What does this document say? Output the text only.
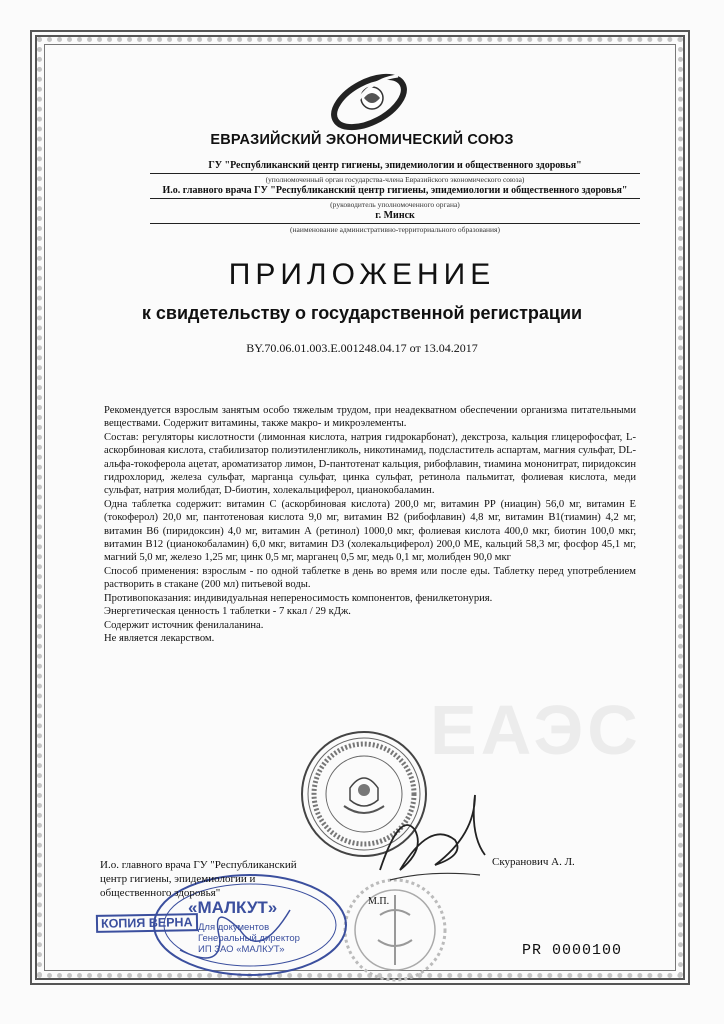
ЕАЭС
ЕВРАЗИЙСКИЙ ЭКОНОМИЧЕСКИЙ СОЮЗ
ГУ "Республиканский центр гигиены, эпидемиологии и общественного здоровья"
(уполномоченный орган государства-члена Евразийского экономического союза)
И.о. главного врача ГУ "Республиканский центр гигиены, эпидемиологии и общественного здоровья"
(руководитель уполномоченного органа)
г. Минск
(наименование административно-территориального образования)
ПРИЛОЖЕНИЕ
к свидетельству о государственной регистрации
BY.70.06.01.003.E.001248.04.17 от 13.04.2017

Рекомендуется взрослым занятым особо тяжелым трудом, при неадекватном обеспечении организма питательными веществами. Содержит витамины, также макро- и микроэлементы.

Состав: регуляторы кислотности (лимонная кислота, натрия гидрокарбонат), декстроза, кальция глицерофосфат, L-аскорбиновая кислота, стабилизатор полиэтиленгликоль, никотинамид, подсластитель аспартам, магния сульфат, DL-альфа-токоферола ацетат, ароматизатор лимон, D-пантотенат кальция, рибофлавин, тиамина мононитрат, пиридоксин гидрохлорид, железа сульфат, марганца сульфат, цинка сульфат, ретинола пальмитат, фолиевая кислота, меди сульфат, натрия молибдат, D-биотин, холекальциферол, цианокобаламин.

Одна таблетка содержит: витамин С (аскорбиновая кислота) 200,0 мг, витамин РР (ниацин) 56,0 мг, витамин Е (токоферол) 20,0 мг, пантотеновая кислота 9,0 мг, витамин В2 (рибофлавин) 4,8 мг, витамин В1(тиамин) 4,2 мг, витамин В6 (пиридоксин) 4,0 мг, витамин А (ретинол) 1000,0 мкг, фолиевая кислота 400,0 мкг, биотин 100,0 мкг, витамин В12 (цианокобаламин) 6,0 мкг, витамин D3 (холекальциферол) 200,0 МЕ, кальций 58,3 мг, фосфор 45,1 мг, магний 5,0 мг, железо 1,25 мг, цинк 0,5 мг, марганец 0,5 мг, медь 0,1 мг, молибден 90,0 мкг

Способ применения: взрослым - по одной таблетке в день во время или после еды. Таблетку перед употреблением растворить в стакане (200 мл) питьевой воды.

Противопоказания: индивидуальная непереносимость компонентов, фенилкетонурия.

Энергетическая ценность 1 таблетки - 7 ккал / 29 кДж.

Содержит источник фенилаланина.

Не является лекарством.

«МАЛКУТ»
Для документов
Генеральный директор
ИП ЗАО «МАЛКУТ»
И.о. главного врача ГУ "Республиканский
центр гигиены, эпидемиологии и
общественного здоровья"
Скуранович А. Л.
М.П.
КОПИЯ ВЕРНА
PR 0000100
